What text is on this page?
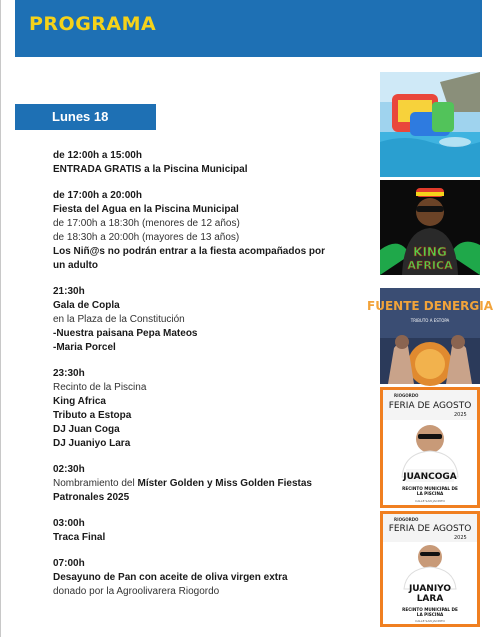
PROGRAMA
Lunes 18
de 12:00h a 15:00h
ENTRADA GRATIS a la Piscina Municipal
de 17:00h a 20:00h
Fiesta del Agua en la Piscina Municipal
de 17:00h a 18:30h (menores de 12 años)
de 18:30h a 20:00h (mayores de 13 años)
Los Niñ@s no podrán entrar a la fiesta acompañados por
un adulto
21:30h
Gala de Copla
en la Plaza de la Constitución
-Nuestra paisana Pepa Mateos
-Maria Porcel
23:30h
Recinto de la Piscina
King Africa
Tributo a Estopa
DJ Juan Coga
DJ Juaniyo Lara
02:30h
Nombramiento del Míster Golden y Miss Golden Fiestas
Patronales 2025
03:00h
Traca Final
07:00h
Desayuno de Pan con aceite de oliva virgen extra
donado por la Agroolivarera Riogordo
KING
AFRICA
FUENTE DENERGIA
TRIBUTO A ESTOPA
RIOGORDO
FERIA DE AGOSTO
2025
JUANCOGA
RECINTO MUNICIPAL DE
LA PISCINA
CALLE SAN JACINTO
RIOGORDO
FERIA DE AGOSTO
2025
JUANIYO
LARA
RECINTO MUNICIPAL DE
LA PISCINA
CALLE SAN JACINTO
